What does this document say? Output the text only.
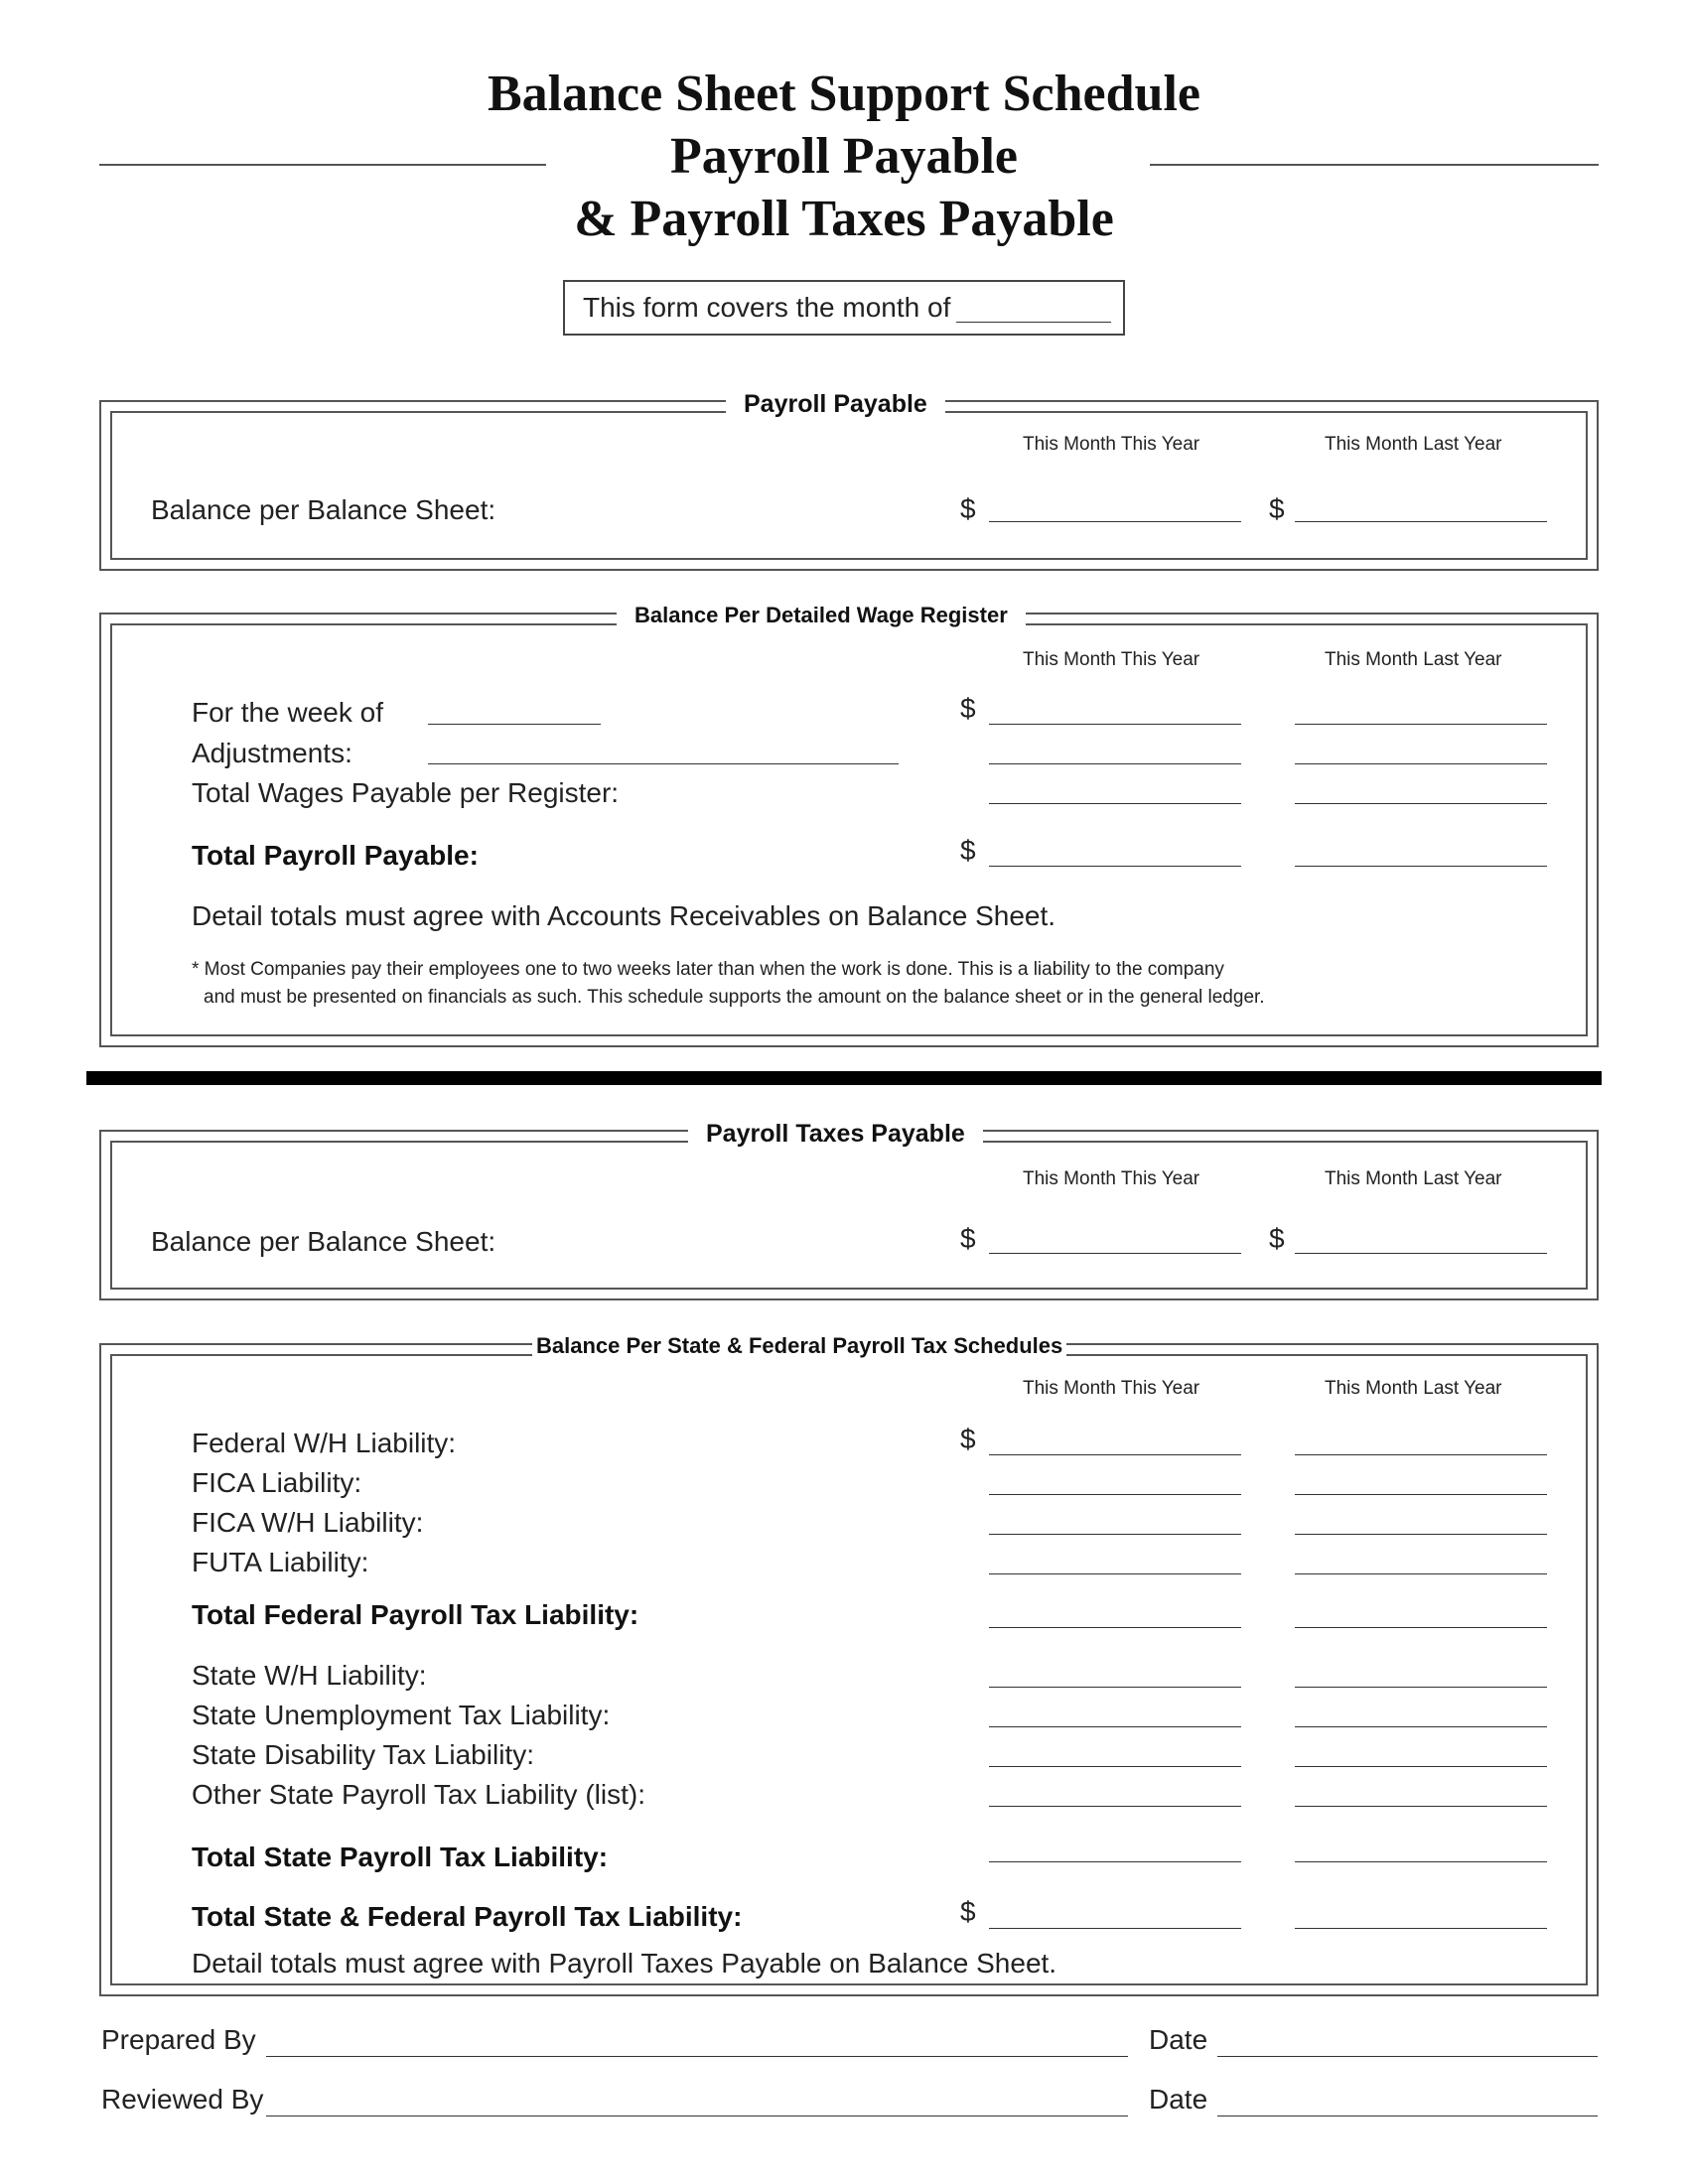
Balance Sheet Support Schedule
Payroll Payable
& Payroll Taxes Payable
This form covers the month of
Payroll Payable
This Month This Year	This Month Last Year
Balance per Balance Sheet:	$	$
Balance Per Detailed Wage Register
This Month This Year	This Month Last Year
For the week of	$
Adjustments:
Total Wages Payable per Register:
Total Payroll Payable:	$
Detail totals must agree with Accounts Receivables on Balance Sheet.
* Most Companies pay their employees one to two weeks later than when the work is done. This is a liability to the company
and must be presented on financials as such. This schedule supports the amount on the balance sheet or in the general ledger.
Payroll Taxes Payable
This Month This Year	This Month Last Year
Balance per Balance Sheet:	$	$
Balance Per State & Federal Payroll Tax Schedules
This Month This Year	This Month Last Year
Federal W/H Liability:	$
FICA Liability:
FICA W/H Liability:
FUTA Liability:
Total Federal Payroll Tax Liability:
State W/H Liability:
State Unemployment Tax Liability:
State Disability Tax Liability:
Other State Payroll Tax Liability (list):
Total State Payroll Tax Liability:
Total State & Federal Payroll Tax Liability:	$
Detail totals must agree with Payroll Taxes Payable on Balance Sheet.
Prepared By	Date
Reviewed By	Date
